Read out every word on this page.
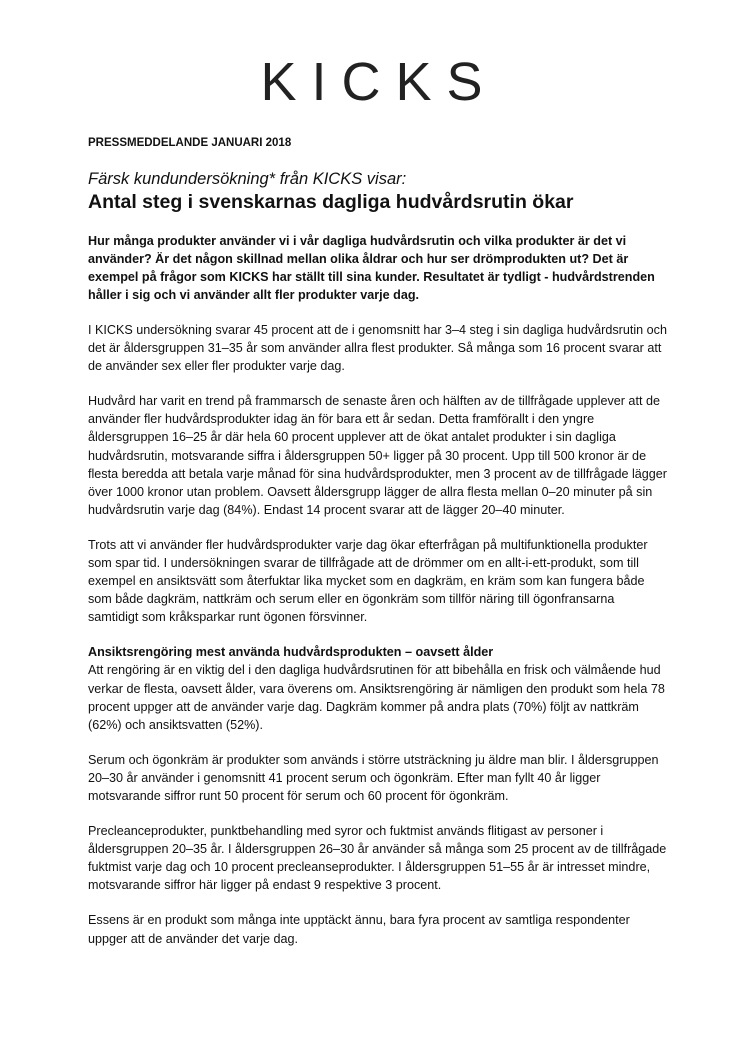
KICKS

PRESSMEDDELANDE JANUARI 2018

Färsk kundundersökning* från KICKS visar:

Antal steg i svenskarnas dagliga hudvårdsrutin ökar

Hur många produkter använder vi i vår dagliga hudvårdsrutin och vilka produkter är det vi använder? Är det någon skillnad mellan olika åldrar och hur ser drömprodukten ut? Det är exempel på frågor som KICKS har ställt till sina kunder. Resultatet är tydligt - hudvårdstrenden håller i sig och vi använder allt fler produkter varje dag.

I KICKS undersökning svarar 45 procent att de i genomsnitt har 3–4 steg i sin dagliga hudvårdsrutin och det är åldersgruppen 31–35 år som använder allra flest produkter. Så många som 16 procent svarar att de använder sex eller fler produkter varje dag.

Hudvård har varit en trend på frammarsch de senaste åren och hälften av de tillfrågade upplever att de använder fler hudvårdsprodukter idag än för bara ett år sedan. Detta framförallt i den yngre åldersgruppen 16–25 år där hela 60 procent upplever att de ökat antalet produkter i sin dagliga hudvårdsrutin, motsvarande siffra i åldersgruppen 50+ ligger på 30 procent. Upp till 500 kronor är de flesta beredda att betala varje månad för sina hudvårdsprodukter, men 3 procent av de tillfrågade lägger över 1000 kronor utan problem. Oavsett åldersgrupp lägger de allra flesta mellan 0–20 minuter på sin hudvårdsrutin varje dag (84%). Endast 14 procent svarar att de lägger 20–40 minuter.

Trots att vi använder fler hudvårdsprodukter varje dag ökar efterfrågan på multifunktionella produkter som spar tid. I undersökningen svarar de tillfrågade att de drömmer om en allt-i-ett-produkt, som till exempel en ansiktsvätt som återfuktar lika mycket som en dagkräm, en kräm som kan fungera både som både dagkräm, nattkräm och serum eller en ögonkräm som tillför näring till ögonfransarna samtidigt som kråksparkar runt ögonen försvinner.

Ansiktsrengöring mest använda hudvårdsprodukten – oavsett ålder

Att rengöring är en viktig del i den dagliga hudvårdsrutinen för att bibehålla en frisk och välmående hud verkar de flesta, oavsett ålder, vara överens om. Ansiktsrengöring är nämligen den produkt som hela 78 procent uppger att de använder varje dag. Dagkräm kommer på andra plats (70%) följt av nattkräm (62%) och ansiktsvatten (52%).

Serum och ögonkräm är produkter som används i större utsträckning ju äldre man blir. I åldersgruppen 20–30 år använder i genomsnitt 41 procent serum och ögonkräm. Efter man fyllt 40 år ligger motsvarande siffror runt 50 procent för serum och 60 procent för ögonkräm.

Precleanceprodukter, punktbehandling med syror och fuktmist används flitigast av personer i åldersgruppen 20–35 år. I åldersgruppen 26–30 år använder så många som 25 procent av de tillfrågade fuktmist varje dag och 10 procent precleanseprodukter. I åldersgruppen 51–55 år är intresset mindre, motsvarande siffror här ligger på endast 9 respektive 3 procent.

Essens är en produkt som många inte upptäckt ännu, bara fyra procent av samtliga respondenter uppger att de använder det varje dag.
